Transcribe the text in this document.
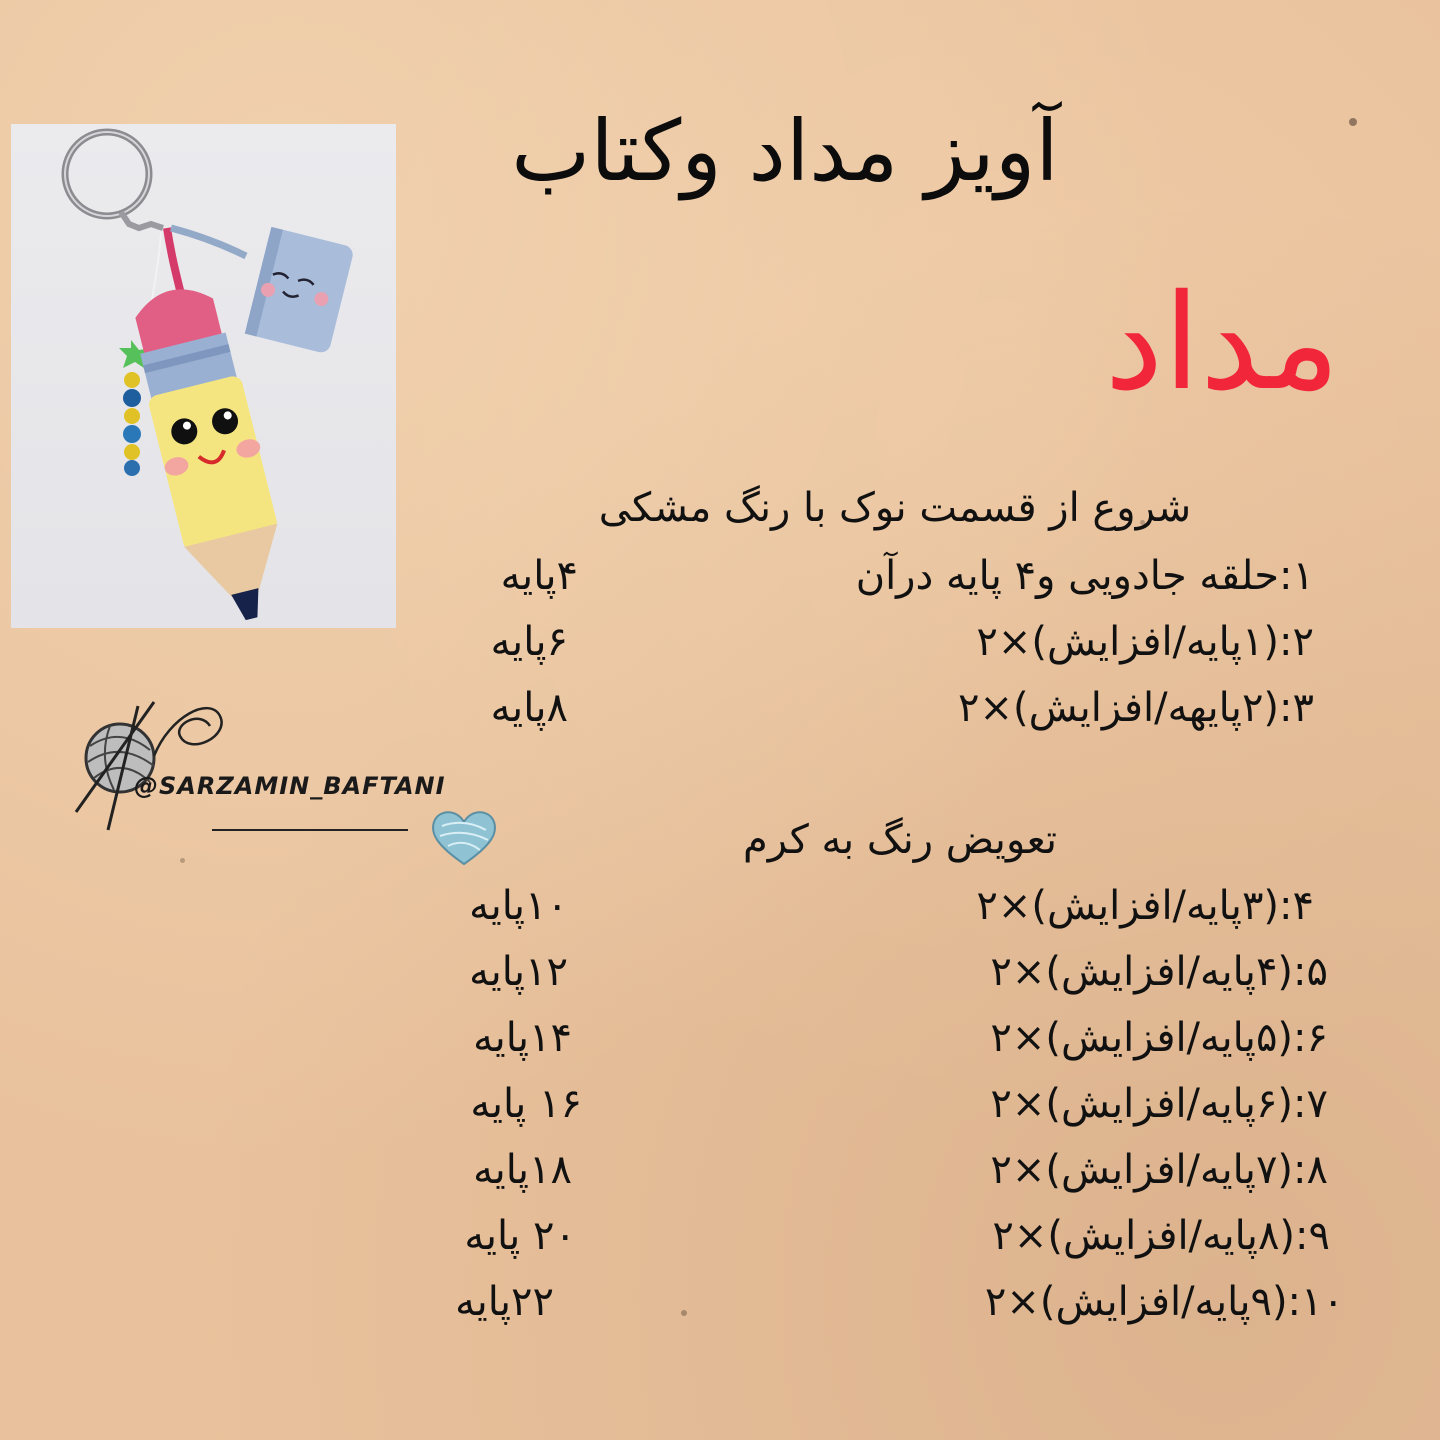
آویز مداد وکتاب
مداد
شروع از قسمت نوک با رنگ مشکی
۱:حلقه جادویی و۴ پایه درآن
۴پایه
۲:(۱پایه/افزایش)×۲
۶پایه
۳:(۲پایهه/افزایش)×۲
۸پایه
@SARZAMIN_BAFTANI
تعویض رنگ به کرم
۴:(۳پایه/افزایش)×۲
۱۰پایه
۵:(۴پایه/افزایش)×۲
۱۲پایه
۶:(۵پایه/افزایش)×۲
۱۴پایه
۷:(۶پایه/افزایش)×۲
۱۶ پایه
۸:(۷پایه/افزایش)×۲
۱۸پایه
۹:(۸پایه/افزایش)×۲
۲۰ پایه
۱۰:(۹پایه/افزایش)×۲
۲۲پایه
